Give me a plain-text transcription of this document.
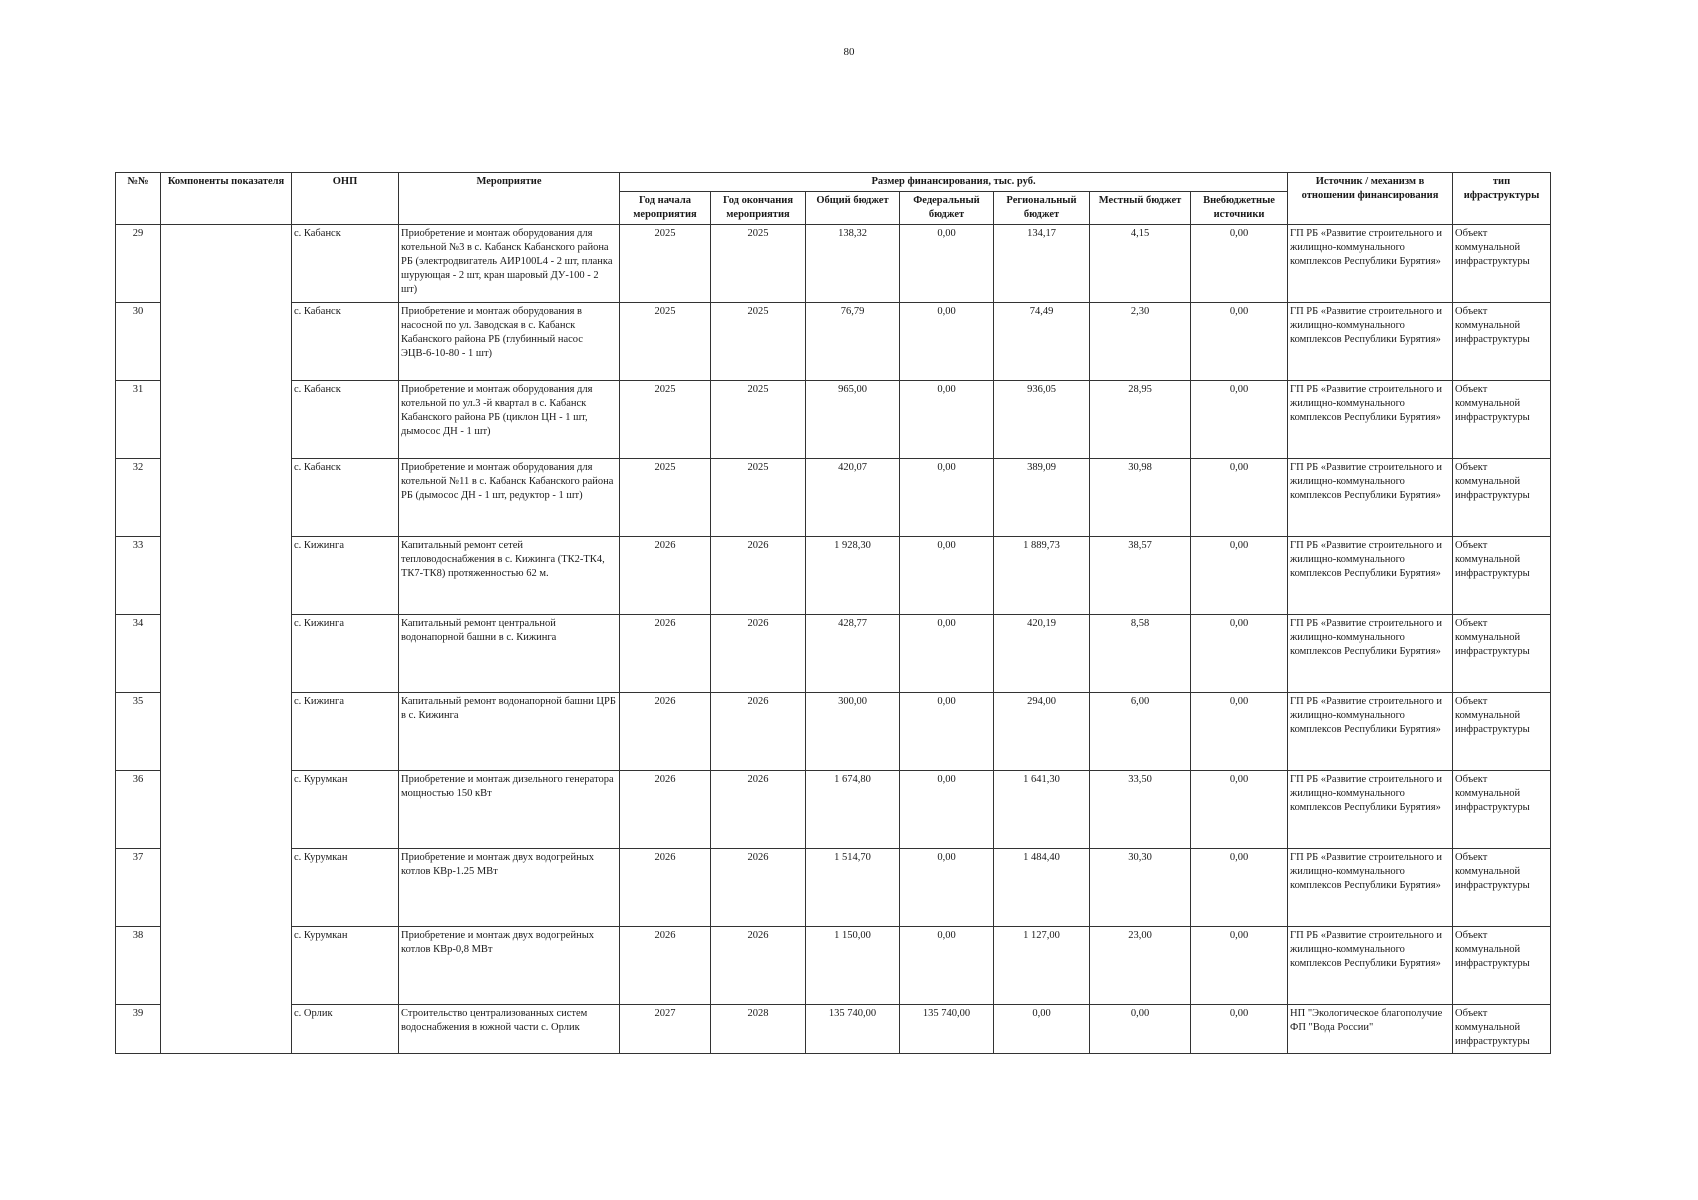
80
№№	Компоненты показателя	ОНП	Мероприятие	Размер финансирования, тыс. руб.							Источник / механизм в отношении финансирования	тип ифраструктуры
				Год начала мероприятия	Год окончания мероприятия	Общий бюджет	Федеральный бюджет	Региональный бюджет	Местный бюджет	Внебюджетные источники		
29		с. Кабанск	Приобретение и монтаж оборудования для котельной №3 в с. Кабанск Кабанского района РБ (электродвигатель АИР100L4 - 2 шт, планка шурующая - 2 шт, кран шаровый ДУ-100 - 2 шт)	2025	2025	138,32	0,00	134,17	4,15	0,00	ГП РБ «Развитие строительного и жилищно-коммунального комплексов Республики Бурятия»	Объект коммунальной инфраструктуры
30		с. Кабанск	Приобретение и монтаж оборудования в насосной по ул. Заводская в с. Кабанск Кабанского района РБ (глубинный насос ЭЦВ-6-10-80 - 1 шт)	2025	2025	76,79	0,00	74,49	2,30	0,00	ГП РБ «Развитие строительного и жилищно-коммунального комплексов Республики Бурятия»	Объект коммунальной инфраструктуры
31		с. Кабанск	Приобретение и монтаж оборудования для котельной по ул.3 -й квартал в с. Кабанск Кабанского района РБ (циклон ЦН - 1 шт, дымосос ДН - 1 шт)	2025	2025	965,00	0,00	936,05	28,95	0,00	ГП РБ «Развитие строительного и жилищно-коммунального комплексов Республики Бурятия»	Объект коммунальной инфраструктуры
32		с. Кабанск	Приобретение и монтаж оборудования для котельной №11 в с. Кабанск Кабанского района РБ (дымосос ДН - 1 шт, редуктор - 1 шт)	2025	2025	420,07	0,00	389,09	30,98	0,00	ГП РБ «Развитие строительного и жилищно-коммунального комплексов Республики Бурятия»	Объект коммунальной инфраструктуры
33		с. Кижинга	Капитальный ремонт сетей тепловодоснабжения в с. Кижинга (ТК2-ТК4, ТК7-ТК8) протяженностью 62 м.	2026	2026	1 928,30	0,00	1 889,73	38,57	0,00	ГП РБ «Развитие строительного и жилищно-коммунального комплексов Республики Бурятия»	Объект коммунальной инфраструктуры
34		с. Кижинга	Капитальный ремонт центральной водонапорной башни в с. Кижинга	2026	2026	428,77	0,00	420,19	8,58	0,00	ГП РБ «Развитие строительного и жилищно-коммунального комплексов Республики Бурятия»	Объект коммунальной инфраструктуры
35		с. Кижинга	Капитальный ремонт водонапорной башни ЦРБ в с. Кижинга	2026	2026	300,00	0,00	294,00	6,00	0,00	ГП РБ «Развитие строительного и жилищно-коммунального комплексов Республики Бурятия»	Объект коммунальной инфраструктуры
36		с. Курумкан	Приобретение и монтаж дизельного генератора мощностью 150 кВт	2026	2026	1 674,80	0,00	1 641,30	33,50	0,00	ГП РБ «Развитие строительного и жилищно-коммунального комплексов Республики Бурятия»	Объект коммунальной инфраструктуры
37		с. Курумкан	Приобретение и монтаж двух водогрейных котлов КВр-1.25 МВт	2026	2026	1 514,70	0,00	1 484,40	30,30	0,00	ГП РБ «Развитие строительного и жилищно-коммунального комплексов Республики Бурятия»	Объект коммунальной инфраструктуры
38		с. Курумкан	Приобретение и монтаж двух водогрейных котлов КВр-0,8 МВт	2026	2026	1 150,00	0,00	1 127,00	23,00	0,00	ГП РБ «Развитие строительного и жилищно-коммунального комплексов Республики Бурятия»	Объект коммунальной инфраструктуры
39		с. Орлик	Строительство централизованных систем водоснабжения в южной части с. Орлик	2027	2028	135 740,00	135 740,00	0,00	0,00	0,00	НП "Экологическое благополучие ФП "Вода России"	Объект коммунальной инфраструктуры
